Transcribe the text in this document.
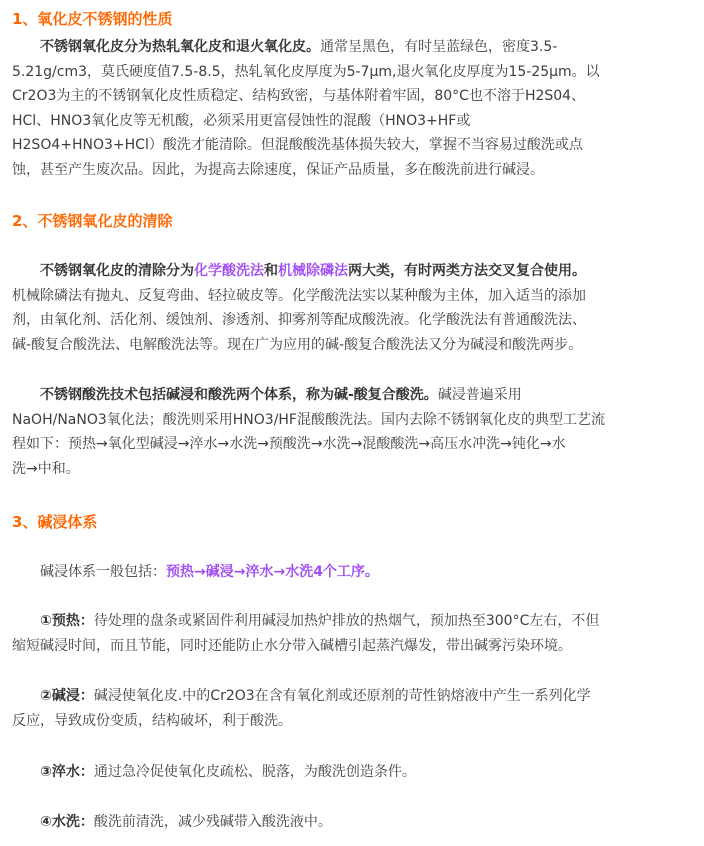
1、氧化皮不锈钢的性质
不锈钢氧化皮分为热轧氧化皮和退火氧化皮。通常呈黑色，有时呈蓝绿色，密度3.5-
5.21g/cm3，莫氏硬度值7.5-8.5，热轧氧化皮厚度为5-7μm,退火氧化皮厚度为15-25μm。以
Cr2O3为主的不锈钢氧化皮性质稳定、结构致密，与基体附着牢固，80°C也不溶于H2S04、
HCl、HNO3氧化皮等无机酸，必须采用更富侵蚀性的混酸（HNO3+HF或
H2SO4+HNO3+HCl）酸洗才能清除。但混酸酸洗基体损失较大，掌握不当容易过酸洗或点
蚀，甚至产生废次品。因此，为提高去除速度，保证产品质量，多在酸洗前进行碱浸。
2、不锈钢氧化皮的清除
不锈钢氧化皮的清除分为化学酸洗法和机械除磷法两大类，有时两类方法交叉复合使用。
机械除磷法有抛丸、反复弯曲、轻拉破皮等。化学酸洗法实以某种酸为主体，加入适当的添加
剂，由氧化剂、活化剂、缓蚀剂、渗透剂、抑雾剂等配成酸洗液。化学酸洗法有普通酸洗法、
碱-酸复合酸洗法、电解酸洗法等。现在广为应用的碱-酸复合酸洗法又分为碱浸和酸洗两步。
不锈钢酸洗技术包括碱浸和酸洗两个体系，称为碱-酸复合酸洗。碱浸普遍采用
NaOH/NaNO3氧化法；酸洗则采用HNO3/HF混酸酸洗法。国内去除不锈钢氧化皮的典型工艺流
程如下：预热→氧化型碱浸→淬水→水洗→预酸洗→水洗→混酸酸洗→高压水冲洗→钝化→水
洗→中和。
3、碱浸体系
碱浸体系一般包括：预热→碱浸→淬水→水洗4个工序。
①预热：待处理的盘条或紧固件利用碱浸加热炉排放的热烟气，预加热至300°C左右，不但
缩短碱浸时间，而且节能，同时还能防止水分带入碱槽引起蒸汽爆发，带出碱雾污染环境。
②碱浸：碱浸使氧化皮.中的Cr2O3在含有氧化剂或还原剂的苛性钠熔液中产生一系列化学
反应，导致成份变质，结构破坏，利于酸洗。
③淬水：通过急冷促使氧化皮疏松、脱落，为酸洗创造条件。
④水洗：酸洗前清洗，减少残碱带入酸洗液中。
